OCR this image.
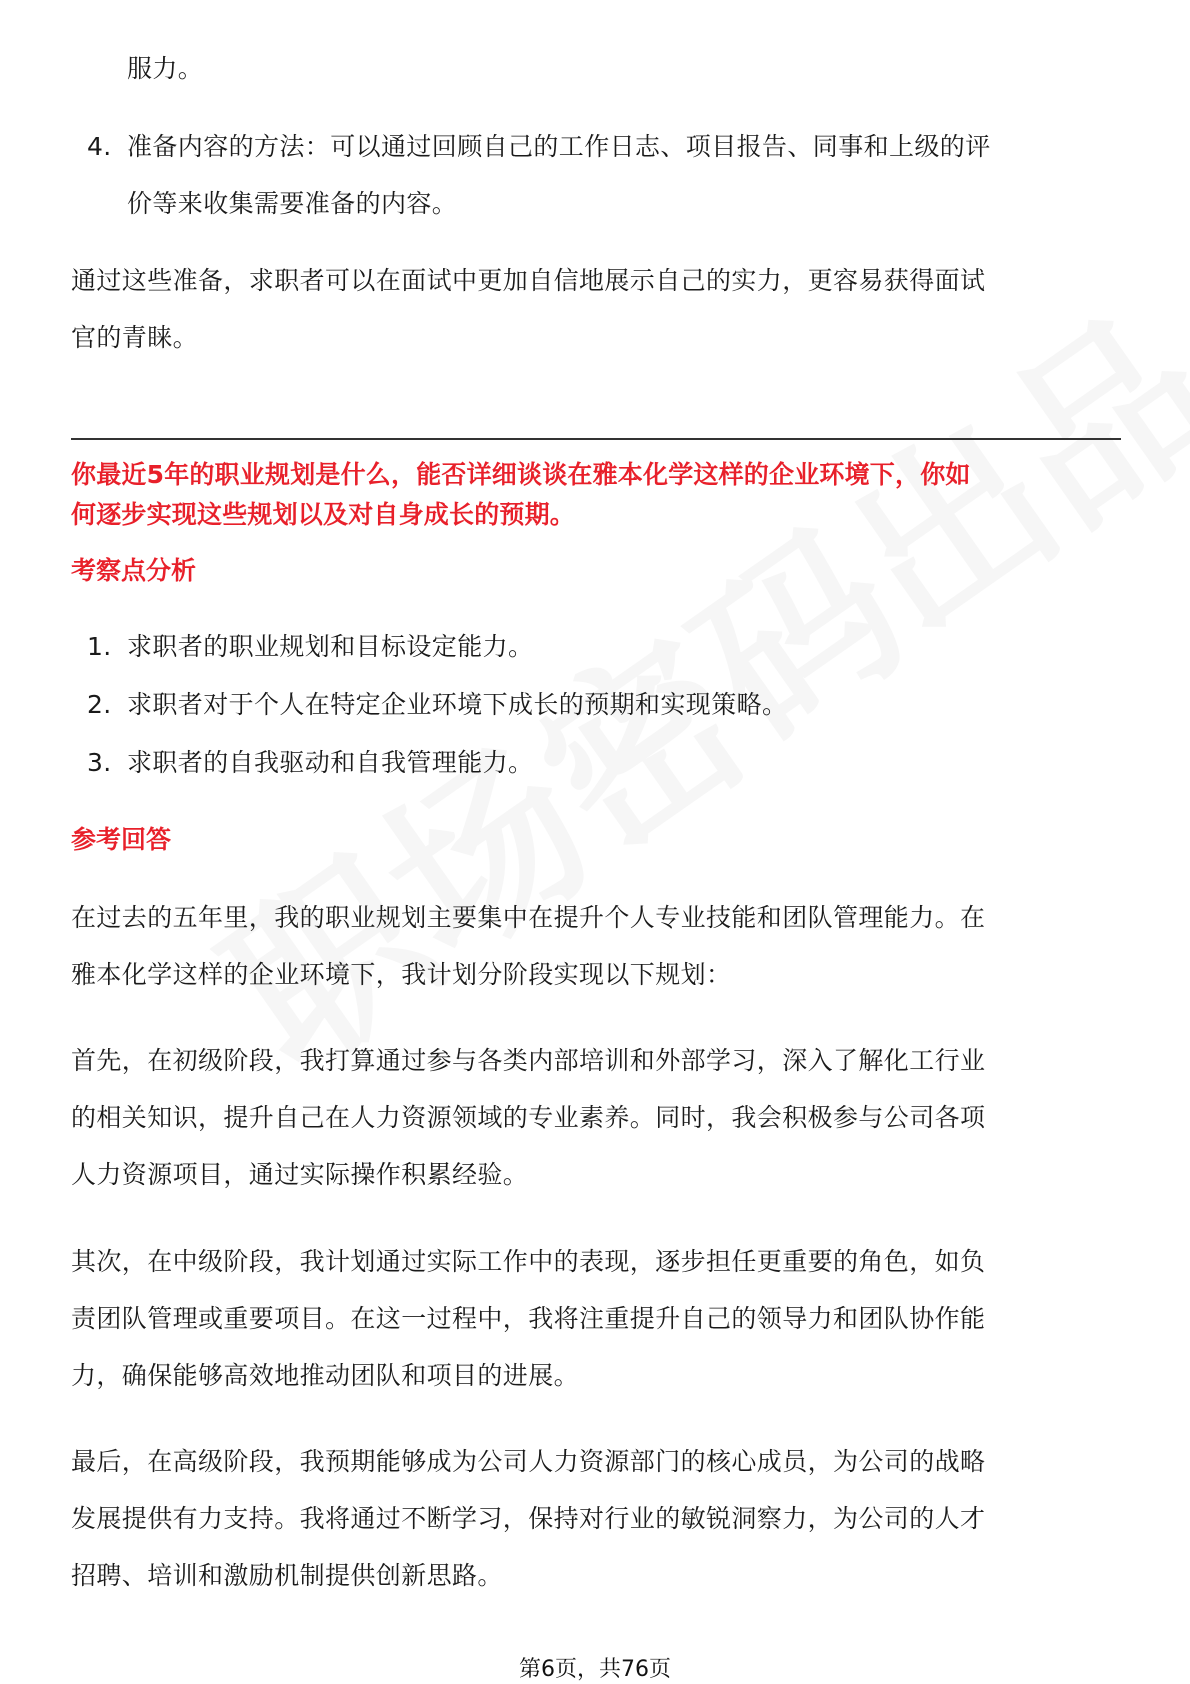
服力。
4. 准备内容的方法：可以通过回顾自己的工作日志、项目报告、同事和上级的评
价等来收集需要准备的内容。
通过这些准备，求职者可以在面试中更加自信地展示自己的实力，更容易获得面试
官的青睐。
你最近5年的职业规划是什么，能否详细谈谈在雅本化学这样的企业环境下，你如
何逐步实现这些规划以及对自身成长的预期。
考察点分析
1. 求职者的职业规划和目标设定能力。
2. 求职者对于个人在特定企业环境下成长的预期和实现策略。
3. 求职者的自我驱动和自我管理能力。
参考回答
在过去的五年里，我的职业规划主要集中在提升个人专业技能和团队管理能力。在
雅本化学这样的企业环境下，我计划分阶段实现以下规划：
首先，在初级阶段，我打算通过参与各类内部培训和外部学习，深入了解化工行业
的相关知识，提升自己在人力资源领域的专业素养。同时，我会积极参与公司各项
人力资源项目，通过实际操作积累经验。
其次，在中级阶段，我计划通过实际工作中的表现，逐步担任更重要的角色，如负
责团队管理或重要项目。在这一过程中，我将注重提升自己的领导力和团队协作能
力，确保能够高效地推动团队和项目的进展。
最后，在高级阶段，我预期能够成为公司人力资源部门的核心成员，为公司的战略
发展提供有力支持。我将通过不断学习，保持对行业的敏锐洞察力，为公司的人才
招聘、培训和激励机制提供创新思路。
第6页，共76页
